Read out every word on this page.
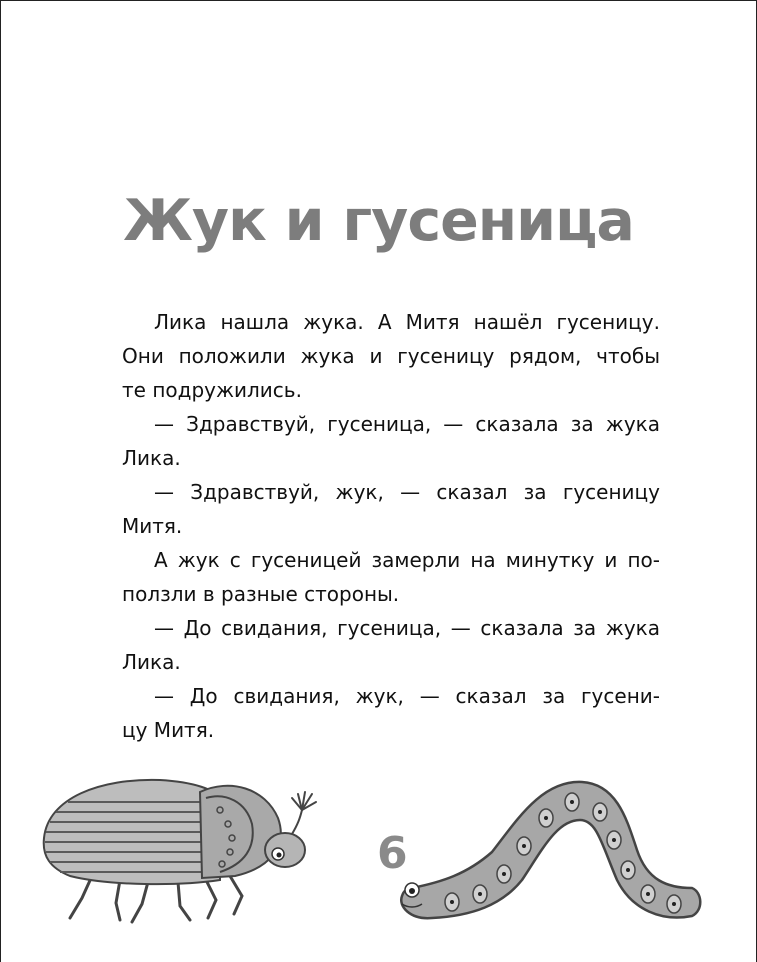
Жук и гусеница
Лика нашла жука. А Митя нашёл гусеницу.
Они положили жука и гусеницу рядом, чтобы
те подружились.
— Здравствуй, гусеница, — сказала за жука
Лика.
— Здравствуй, жук, — сказал за гусеницу
Митя.
А жук с гусеницей замерли на минутку и по-
ползли в разные стороны.
— До свидания, гусеница, — сказала за жука
Лика.
— До свидания, жук, — сказал за гусени-
цу Митя.
6
